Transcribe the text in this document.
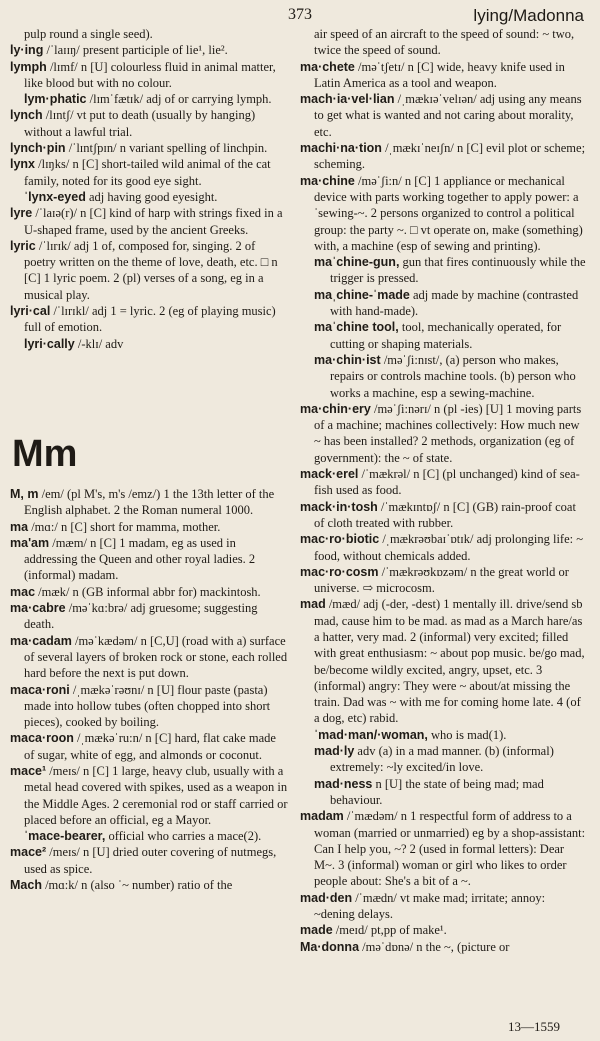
373	lying/Madonna

pulp round a single seed).

ly·ing /ˈlaɪɪŋ/ present participle of lie¹, lie².

lymph /lɪmf/ n [U] colourless fluid in animal matter, like blood but with no colour.

lym·phatic /lɪmˈfætɪk/ adj of or carrying lymph.

lynch /lɪntʃ/ vt put to death (usually by hanging) without a lawful trial.

lynch·pin /ˈlɪntʃpɪn/ n variant spelling of linchpin.

lynx /lɪŋks/ n [C] short-tailed wild animal of the cat family, noted for its good eye sight.

ˈlynx-eyed adj having good eyesight.

lyre /ˈlaɪə(r)/ n [C] kind of harp with strings fixed in a U-shaped frame, used by the ancient Greeks.

lyric /ˈlɪrɪk/ adj 1 of, composed for, singing. 2 of poetry written on the theme of love, death, etc. □ n [C] 1 lyric poem. 2 (pl) verses of a song, eg in a musical play.

lyri·cal /ˈlɪrɪkl/ adj 1 = lyric. 2 (eg of playing music) full of emotion.

lyri·cally /-klɪ/ adv

Mm

M, m /em/ (pl M's, m's /emz/) 1 the 13th letter of the English alphabet. 2 the Roman numeral 1000.

ma /mɑ:/ n [C] short for mamma, mother.

ma'am /mæm/ n [C] 1 madam, eg as used in addressing the Queen and other royal ladies. 2 (informal) madam.

mac /mæk/ n (GB informal abbr for) mackintosh.

ma·cabre /məˈkɑ:brə/ adj gruesome; suggesting death.

ma·cadam /məˈkædəm/ n [C,U] (road with a) surface of several layers of broken rock or stone, each rolled hard before the next is put down.

maca·roni /ˌmækəˈrəʊnɪ/ n [U] flour paste (pasta) made into hollow tubes (often chopped into short pieces), cooked by boiling.

maca·roon /ˌmækəˈru:n/ n [C] hard, flat cake made of sugar, white of egg, and almonds or coconut.

mace¹ /meɪs/ n [C] 1 large, heavy club, usually with a metal head covered with spikes, used as a weapon in the Middle Ages. 2 ceremonial rod or staff carried or placed before an official, eg a Mayor.

ˈmace-bearer, official who carries a mace(2).

mace² /meɪs/ n [U] dried outer covering of nutmegs, used as spice.

Mach /mɑ:k/ n (also ˈ~ number) ratio of the

air speed of an aircraft to the speed of sound: ~ two, twice the speed of sound.

ma·chete /məˈtʃetɪ/ n [C] wide, heavy knife used in Latin America as a tool and weapon.

mach·ia·vel·lian /ˌmækɪəˈvelɪən/ adj using any means to get what is wanted and not caring about morality, etc.

machi·na·tion /ˌmækɪˈneɪʃn/ n [C] evil plot or scheme; scheming.

ma·chine /məˈʃi:n/ n [C] 1 appliance or mechanical device with parts working together to apply power: a ˈsewing-~. 2 persons organized to control a political group: the party ~. □ vt operate on, make (something) with, a machine (esp of sewing and printing).

maˈchine-gun, gun that fires continuously while the trigger is pressed.

maˌchine-ˈmade adj made by machine (contrasted with hand-made).

maˈchine tool, tool, mechanically operated, for cutting or shaping materials.

ma·chin·ist /məˈʃi:nɪst/, (a) person who makes, repairs or controls machine tools. (b) person who works a machine, esp a sewing-machine.

ma·chin·ery /məˈʃi:nərɪ/ n (pl -ies) [U] 1 moving parts of a machine; machines collectively: How much new ~ has been installed? 2 methods, organization (eg of government): the ~ of state.

mack·erel /ˈmækrəl/ n [C] (pl unchanged) kind of sea-fish used as food.

mack·in·tosh /ˈmækɪntɒʃ/ n [C] (GB) rain-proof coat of cloth treated with rubber.

mac·ro·biotic /ˌmækrəʊbaɪˈɒtɪk/ adj prolonging life: ~ food, without chemicals added.

mac·ro·cosm /ˈmækrəʊkɒzəm/ n the great world or universe. ⇨ microcosm.

mad /mæd/ adj (-der, -dest) 1 mentally ill. drive/send sb mad, cause him to be mad. as mad as a March hare/as a hatter, very mad. 2 (informal) very excited; filled with great enthusiasm: ~ about pop music. be/go mad, be/become wildly excited, angry, upset, etc. 3 (informal) angry: They were ~ about/at missing the train. Dad was ~ with me for coming home late. 4 (of a dog, etc) rabid.

ˈmad·man/·woman, who is mad(1).

mad·ly adv (a) in a mad manner. (b) (informal) extremely: ~ly excited/in love.

mad·ness n [U] the state of being mad; mad behaviour.

madam /ˈmædəm/ n 1 respectful form of address to a woman (married or unmarried) eg by a shop-assistant: Can I help you, ~? 2 (used in formal letters): Dear M~. 3 (informal) woman or girl who likes to order people about: She's a bit of a ~.

mad·den /ˈmædn/ vt make mad; irritate; annoy: ~dening delays.

made /meɪd/ pt,pp of make¹.

Ma·donna /məˈdɒnə/ n the ~, (picture or

13—1559
